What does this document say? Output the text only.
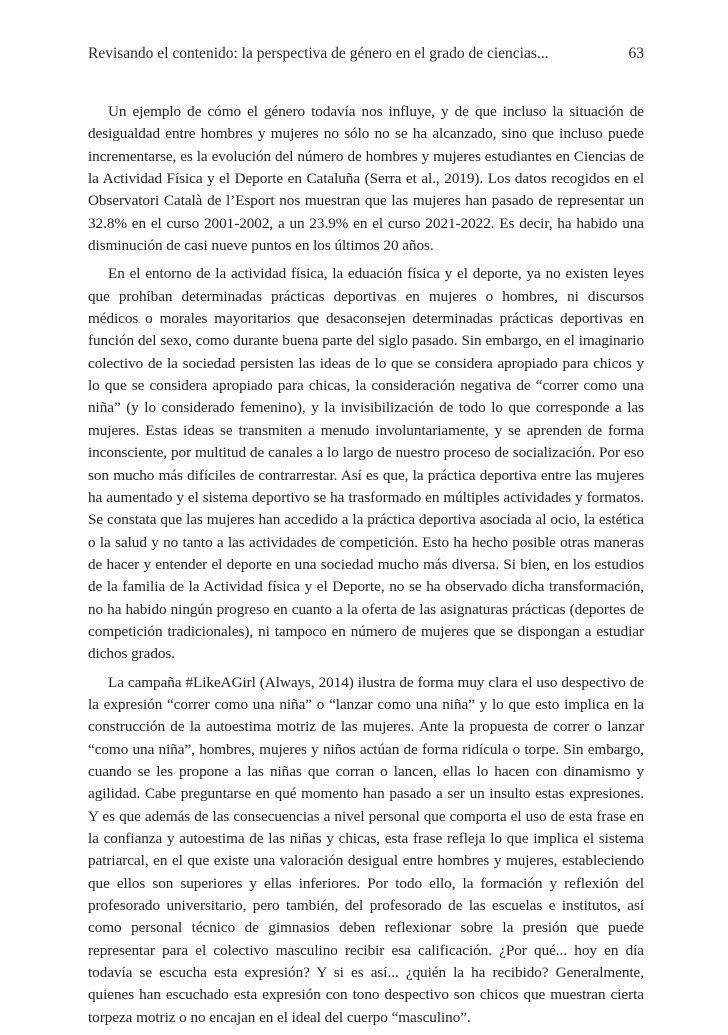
Revisando el contenido: la perspectiva de género en el grado de ciencias...	63

Un ejemplo de cómo el género todavía nos influye, y de que incluso la situación de desigualdad entre hombres y mujeres no sólo no se ha alcanzado, sino que incluso puede incrementarse, es la evolución del número de hombres y mujeres estudiantes en Ciencias de la Actividad Física y el Deporte en Cataluña (Serra et al., 2019). Los datos recogidos en el Observatori Català de l’Esport nos muestran que las mujeres han pasado de representar un 32.8% en el curso 2001-2002, a un 23.9% en el curso 2021-2022. Es decir, ha habido una disminución de casi nueve puntos en los últimos 20 años.

En el entorno de la actividad física, la eduación física y el deporte, ya no existen leyes que prohíban determinadas prácticas deportivas en mujeres o hombres, ni discursos médicos o morales mayoritarios que desaconsejen determinadas prácticas deportivas en función del sexo, como durante buena parte del siglo pasado. Sin embargo, en el imaginario colectivo de la sociedad persisten las ideas de lo que se considera apropiado para chicos y lo que se considera apropiado para chicas, la consideración negativa de “correr como una niña” (y lo considerado femenino), y la invisibilización de todo lo que corresponde a las mujeres. Estas ideas se transmiten a menudo involuntariamente, y se aprenden de forma inconsciente, por multitud de canales a lo largo de nuestro proceso de socialización. Por eso son mucho más difíciles de contrarrestar. Así es que, la práctica deportiva entre las mujeres ha aumentado y el sistema deportivo se ha trasformado en múltiples actividades y formatos. Se constata que las mujeres han accedido a la práctica deportiva asociada al ocio, la estética o la salud y no tanto a las actividades de competición. Esto ha hecho posible otras maneras de hacer y entender el deporte en una sociedad mucho más diversa. Si bien, en los estudios de la familia de la Actividad física y el Deporte, no se ha observado dicha transformación, no ha habido ningún progreso en cuanto a la oferta de las asignaturas prácticas (deportes de competición tradicionales), ni tampoco en número de mujeres que se dispongan a estudiar dichos grados.

La campaña #LikeAGirl (Always, 2014) ilustra de forma muy clara el uso despectivo de la expresión “correr como una niña” o “lanzar como una niña” y lo que esto implica en la construcción de la autoestima motriz de las mujeres. Ante la propuesta de correr o lanzar “como una niña”, hombres, mujeres y niños actúan de forma ridícula o torpe. Sin embargo, cuando se les propone a las niñas que corran o lancen, ellas lo hacen con dinamismo y agilidad. Cabe preguntarse en qué momento han pasado a ser un insulto estas expresiones. Y es que además de las consecuencias a nivel personal que comporta el uso de esta frase en la confianza y autoestima de las niñas y chicas, esta frase refleja lo que implica el sistema patriarcal, en el que existe una valoración desigual entre hombres y mujeres, estableciendo que ellos son superiores y ellas inferiores. Por todo ello, la formación y reflexión del profesorado universitario, pero también, del profesorado de las escuelas e institutos, así como personal técnico de gimnasios deben reflexionar sobre la presión que puede representar para el colectivo masculino recibir esa calificación. ¿Por qué... hoy en día todavía se escucha esta expresión? Y si es así... ¿quién la ha recibido? Generalmente, quienes han escuchado esta expresión con tono despectivo son chicos que muestran cierta torpeza motriz o no encajan en el ideal del cuerpo “masculino”.
